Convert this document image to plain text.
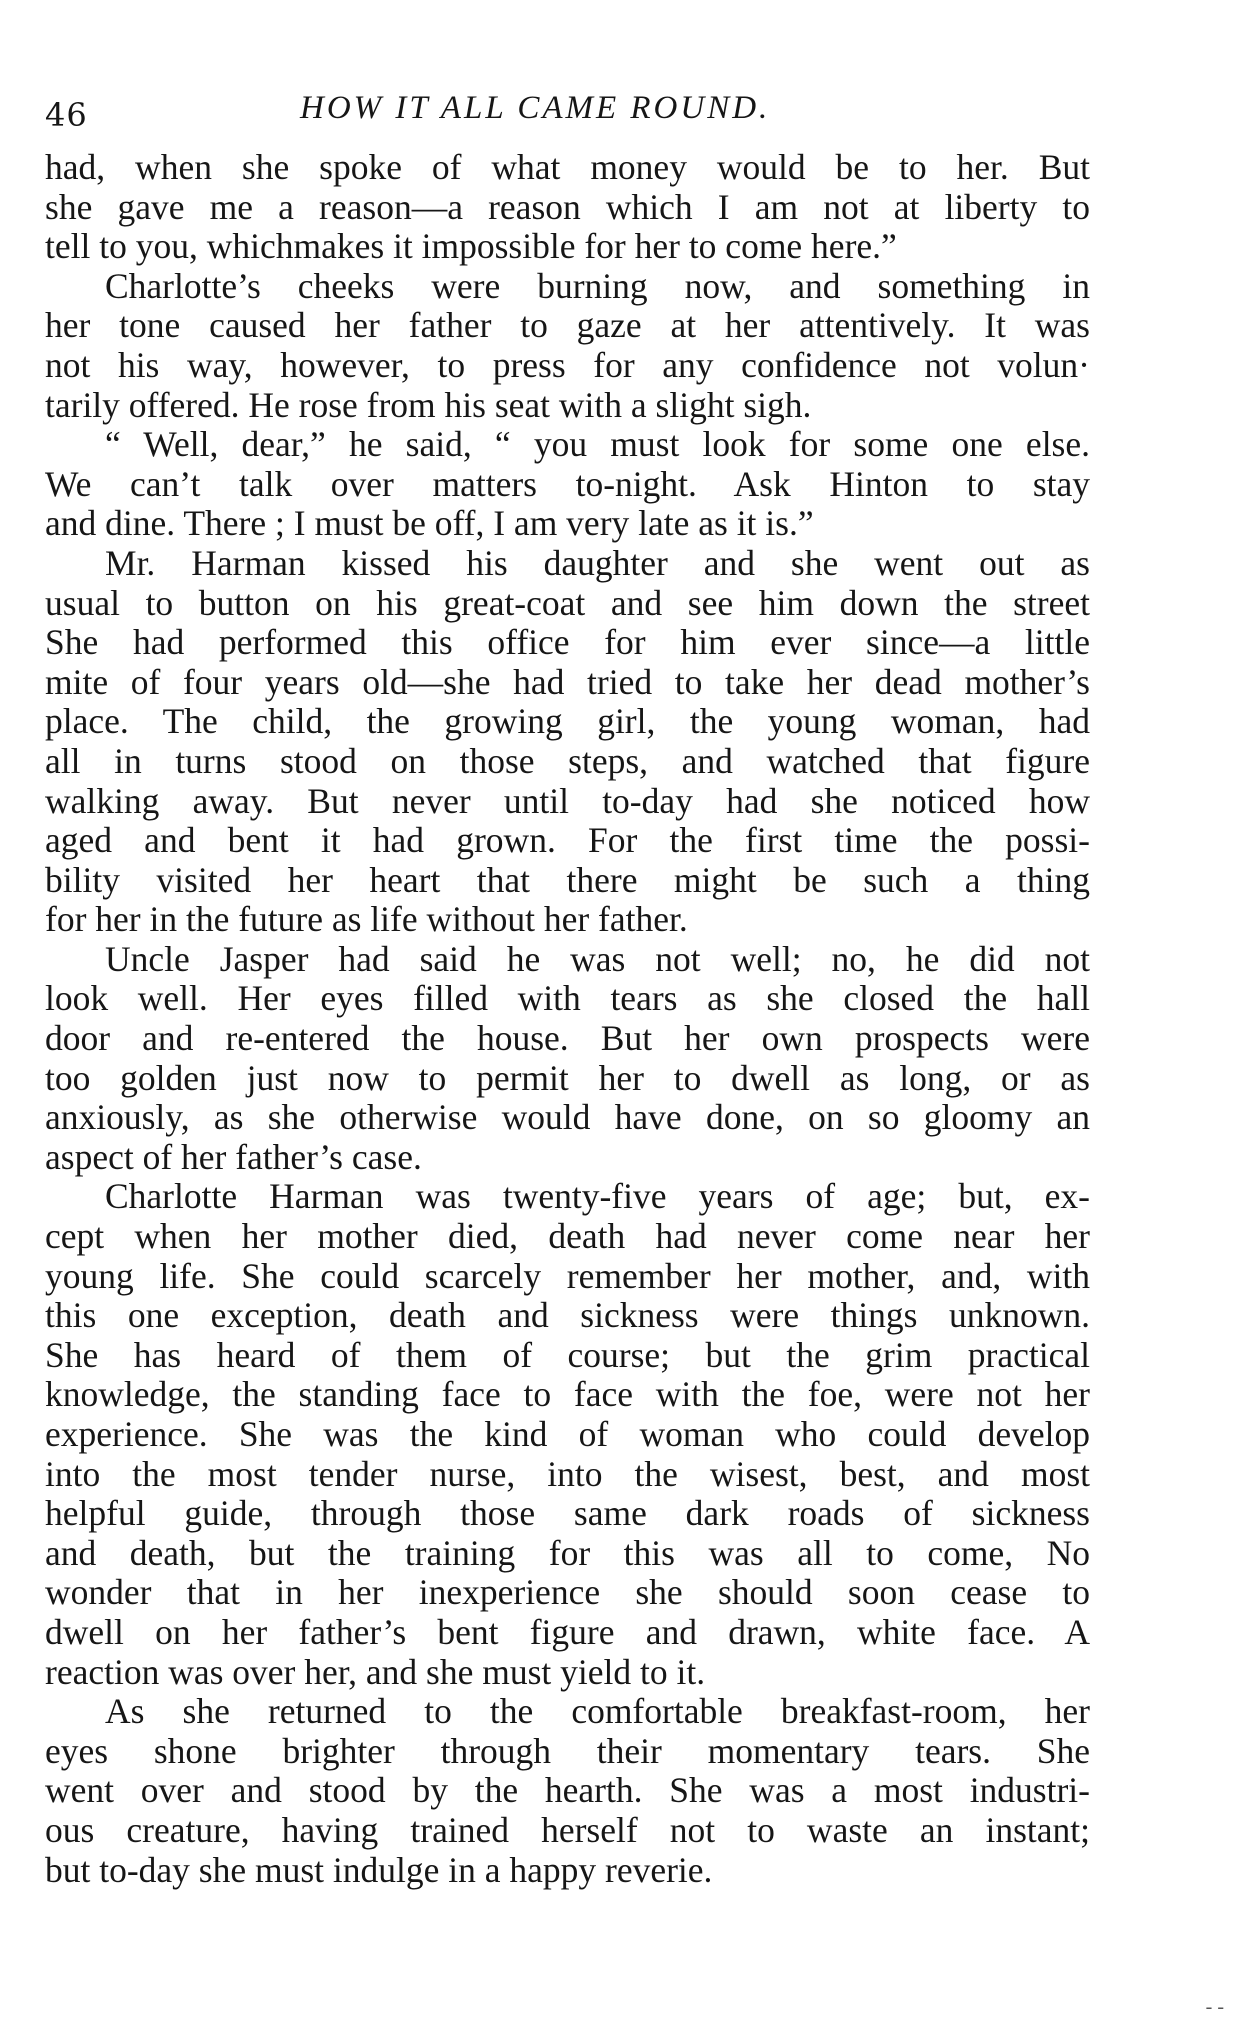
46	HOW IT ALL CAME ROUND.
had, when she spoke of what money would be to her. But
she gave me a reason—a reason which I am not at liberty to
tell to you, whichmakes it impossible for her to come here.”
Charlotte’s cheeks were burning now, and something in
her tone caused her father to gaze at her attentively. It was
not his way, however, to press for any confidence not volun·
tarily offered. He rose from his seat with a slight sigh.
“ Well, dear,” he said, “ you must look for some one else.
We can’t talk over matters to-night. Ask Hinton to stay
and dine. There ; I must be off, I am very late as it is.”
Mr. Harman kissed his daughter and she went out as
usual to button on his great-coat and see him down the street
She had performed this office for him ever since—a little
mite of four years old—she had tried to take her dead mother’s
place. The child, the growing girl, the young woman, had
all in turns stood on those steps, and watched that figure
walking away. But never until to-day had she noticed how
aged and bent it had grown. For the first time the possi-
bility visited her heart that there might be such a thing
for her in the future as life without her father.
Uncle Jasper had said he was not well; no, he did not
look well. Her eyes filled with tears as she closed the hall
door and re-entered the house. But her own prospects were
too golden just now to permit her to dwell as long, or as
anxiously, as she otherwise would have done, on so gloomy an
aspect of her father’s case.
Charlotte Harman was twenty-five years of age; but, ex-
cept when her mother died, death had never come near her
young life. She could scarcely remember her mother, and, with
this one exception, death and sickness were things unknown.
She has heard of them of course; but the grim practical
knowledge, the standing face to face with the foe, were not her
experience. She was the kind of woman who could develop
into the most tender nurse, into the wisest, best, and most
helpful guide, through those same dark roads of sickness
and death, but the training for this was all to come, No
wonder that in her inexperience she should soon cease to
dwell on her father’s bent figure and drawn, white face. A
reaction was over her, and she must yield to it.
As she returned to the comfortable breakfast-room, her
eyes shone brighter through their momentary tears. She
went over and stood by the hearth. She was a most industri-
ous creature, having trained herself not to waste an instant;
but to-day she must indulge in a happy reverie.
- -
